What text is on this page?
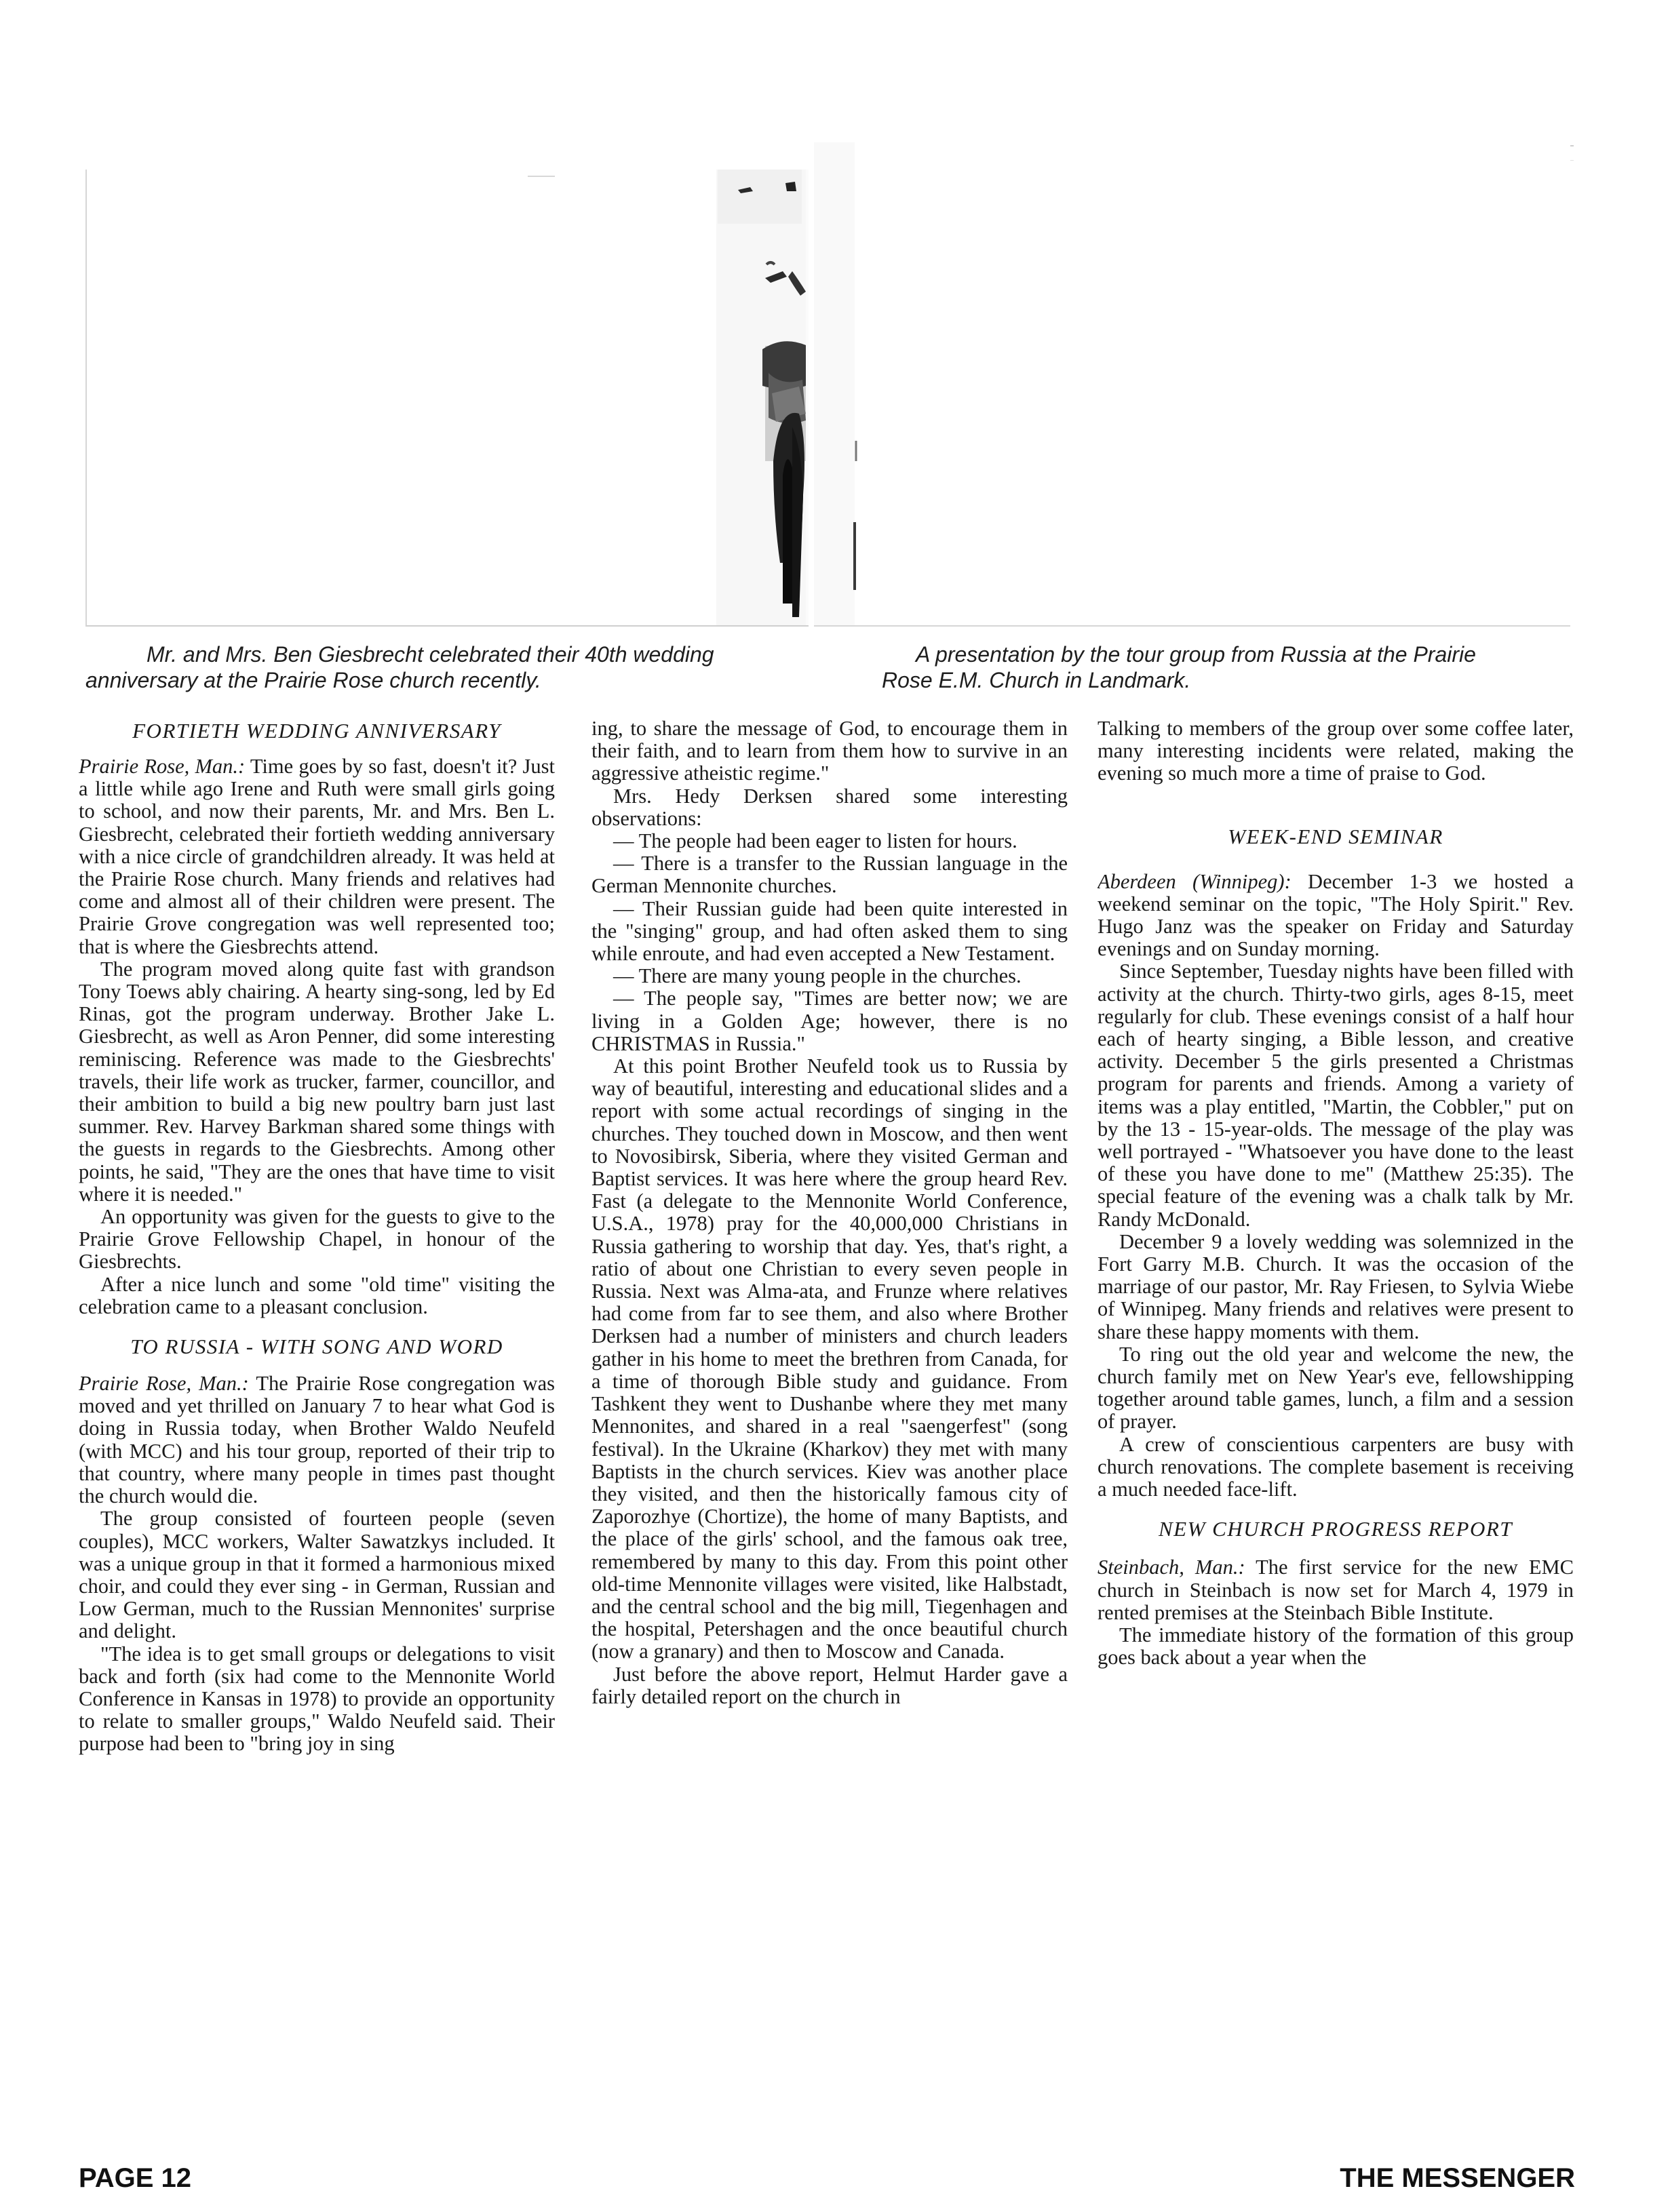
Mr. and Mrs. Ben Giesbrecht celebrated their 40th wedding

anniversary at the Prairie Rose church recently.

A presentation by the tour group from Russia at the Prairie

Rose E.M. Church in Landmark.

FORTIETH WEDDING ANNIVERSARY

Prairie Rose, Man.: Time goes by so fast, doesn't it? Just a little while ago Irene and Ruth were small girls going to school, and now their parents, Mr. and Mrs. Ben L. Giesbrecht, celebrated their fortieth wedding anniversary with a nice circle of grandchildren already. It was held at the Prairie Rose church. Many friends and relatives had come and almost all of their children were present. The Prairie Grove congregation was well represented too; that is where the Giesbrechts attend.

The program moved along quite fast with grandson Tony Toews ably chairing. A hearty sing-song, led by Ed Rinas, got the program underway. Brother Jake L. Giesbrecht, as well as Aron Penner, did some interesting reminiscing. Reference was made to the Giesbrechts' travels, their life work as trucker, farmer, councillor, and their ambition to build a big new poultry barn just last summer. Rev. Harvey Barkman shared some things with the guests in regards to the Giesbrechts. Among other points, he said, "They are the ones that have time to visit where it is needed."

An opportunity was given for the guests to give to the Prairie Grove Fellowship Chapel, in honour of the Giesbrechts.

After a nice lunch and some "old time" visiting the celebration came to a pleasant conclusion.

TO RUSSIA - WITH SONG AND WORD

Prairie Rose, Man.: The Prairie Rose congregation was moved and yet thrilled on January 7 to hear what God is doing in Russia today, when Brother Waldo Neufeld (with MCC) and his tour group, reported of their trip to that country, where many people in times past thought the church would die.

The group consisted of fourteen people (seven couples), MCC workers, Walter Sawatzkys included. It was a unique group in that it formed a harmonious mixed choir, and could they ever sing - in German, Russian and Low German, much to the Russian Mennonites' surprise and delight.

"The idea is to get small groups or delegations to visit back and forth (six had come to the Mennonite World Conference in Kansas in 1978) to provide an opportunity to relate to smaller groups," Waldo Neufeld said. Their purpose had been to "bring joy in sing

ing, to share the message of God, to encourage them in their faith, and to learn from them how to survive in an aggressive atheistic regime."

Mrs. Hedy Derksen shared some interesting observations:

— The people had been eager to listen for hours.

— There is a transfer to the Russian language in the German Mennonite churches.

— Their Russian guide had been quite interested in the "singing" group, and had often asked them to sing while enroute, and had even accepted a New Testament.

— There are many young people in the churches.

— The people say, "Times are better now; we are living in a Golden Age; however, there is no CHRISTMAS in Russia."

At this point Brother Neufeld took us to Russia by way of beautiful, interesting and educational slides and a report with some actual recordings of singing in the churches. They touched down in Moscow, and then went to Novosibirsk, Siberia, where they visited German and Baptist services. It was here where the group heard Rev. Fast (a delegate to the Mennonite World Conference, U.S.A., 1978) pray for the 40,000,000 Christians in Russia gathering to worship that day. Yes, that's right, a ratio of about one Christian to every seven people in Russia. Next was Alma-ata, and Frunze where relatives had come from far to see them, and also where Brother Derksen had a number of ministers and church leaders gather in his home to meet the brethren from Canada, for a time of thorough Bible study and guidance. From Tashkent they went to Dushanbe where they met many Mennonites, and shared in a real "saengerfest" (song festival). In the Ukraine (Kharkov) they met with many Baptists in the church services. Kiev was another place they visited, and then the historically famous city of Zaporozhye (Chortize), the home of many Baptists, and the place of the girls' school, and the famous oak tree, remembered by many to this day. From this point other old-time Mennonite villages were visited, like Halbstadt, and the central school and the big mill, Tiegenhagen and the hospital, Petershagen and the once beautiful church (now a granary) and then to Moscow and Canada.

Just before the above report, Helmut Harder gave a fairly detailed report on the church in

Talking to members of the group over some coffee later, many interesting incidents were related, making the evening so much more a time of praise to God.

WEEK-END SEMINAR

Aberdeen (Winnipeg): December 1-3 we hosted a weekend seminar on the topic, "The Holy Spirit." Rev. Hugo Janz was the speaker on Friday and Saturday evenings and on Sunday morning.

Since September, Tuesday nights have been filled with activity at the church. Thirty-two girls, ages 8-15, meet regularly for club. These evenings consist of a half hour each of hearty singing, a Bible lesson, and creative activity. December 5 the girls presented a Christmas program for parents and friends. Among a variety of items was a play entitled, "Martin, the Cobbler," put on by the 13 - 15-year-olds. The message of the play was well portrayed - "Whatsoever you have done to the least of these you have done to me" (Matthew 25:35). The special feature of the evening was a chalk talk by Mr. Randy McDonald.

December 9 a lovely wedding was solemnized in the Fort Garry M.B. Church. It was the occasion of the marriage of our pastor, Mr. Ray Friesen, to Sylvia Wiebe of Winnipeg. Many friends and relatives were present to share these happy moments with them.

To ring out the old year and welcome the new, the church family met on New Year's eve, fellowshipping together around table games, lunch, a film and a session of prayer.

A crew of conscientious carpenters are busy with church renovations. The complete basement is receiving a much needed face-lift.

NEW CHURCH PROGRESS REPORT

Steinbach, Man.: The first service for the new EMC church in Steinbach is now set for March 4, 1979 in rented premises at the Steinbach Bible Institute.

The immediate history of the formation of this group goes back about a year when the

PAGE 12	THE MESSENGER
